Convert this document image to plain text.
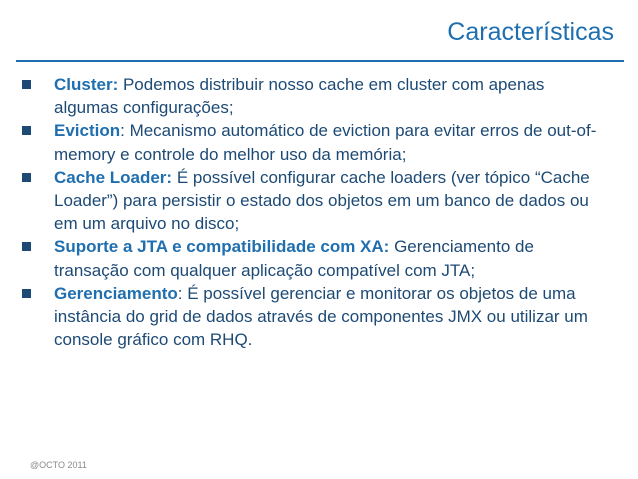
Características
Cluster: Podemos distribuir nosso cache em cluster com apenas algumas configurações;
Eviction: Mecanismo automático de eviction para evitar erros de out-of-memory e controle do melhor uso da memória;
Cache Loader: É possível configurar cache loaders (ver tópico “Cache Loader”) para persistir o estado dos objetos em um banco de dados ou em um arquivo no disco;
Suporte a JTA e compatibilidade com XA: Gerenciamento de transação com qualquer aplicação compatível com JTA;
Gerenciamento: É possível gerenciar e monitorar os objetos de uma instância do grid de dados através de componentes JMX ou utilizar um console gráfico com RHQ.
@OCTO 2011
